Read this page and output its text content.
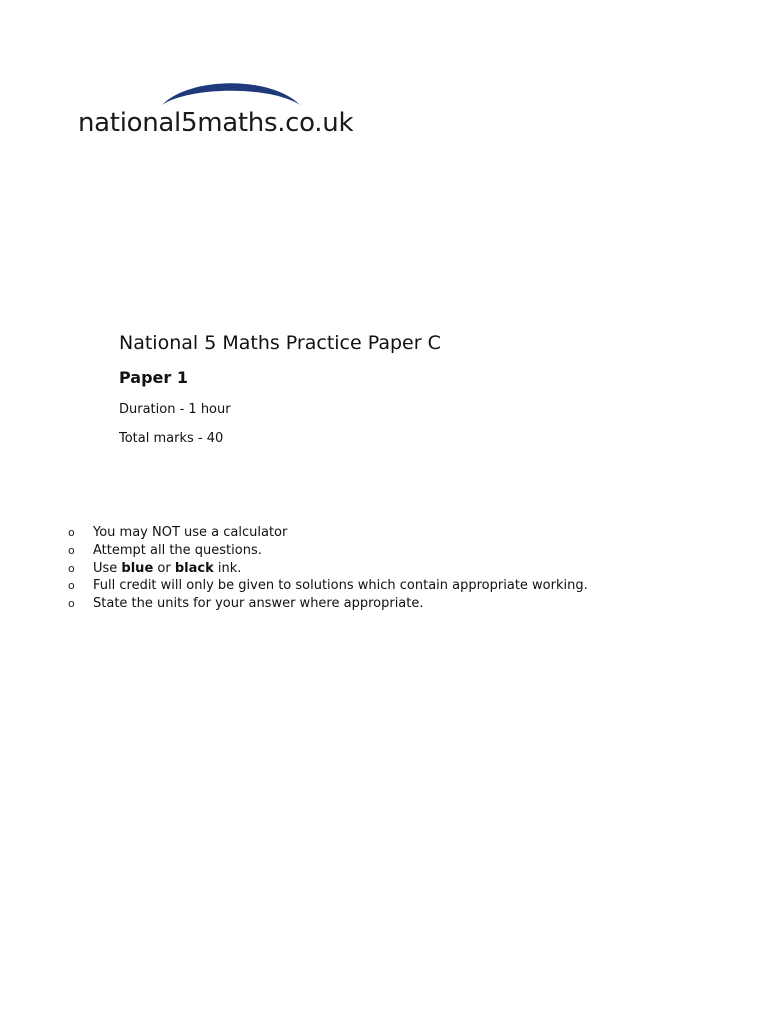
national5maths.co.uk
National 5 Maths Practice Paper C
Paper 1

Duration - 1 hour

Total marks - 40

o You may NOT use a calculator
o Attempt all the questions.
o Use blue or black ink.
o Full credit will only be given to solutions which contain appropriate working.
o State the units for your answer where appropriate.
